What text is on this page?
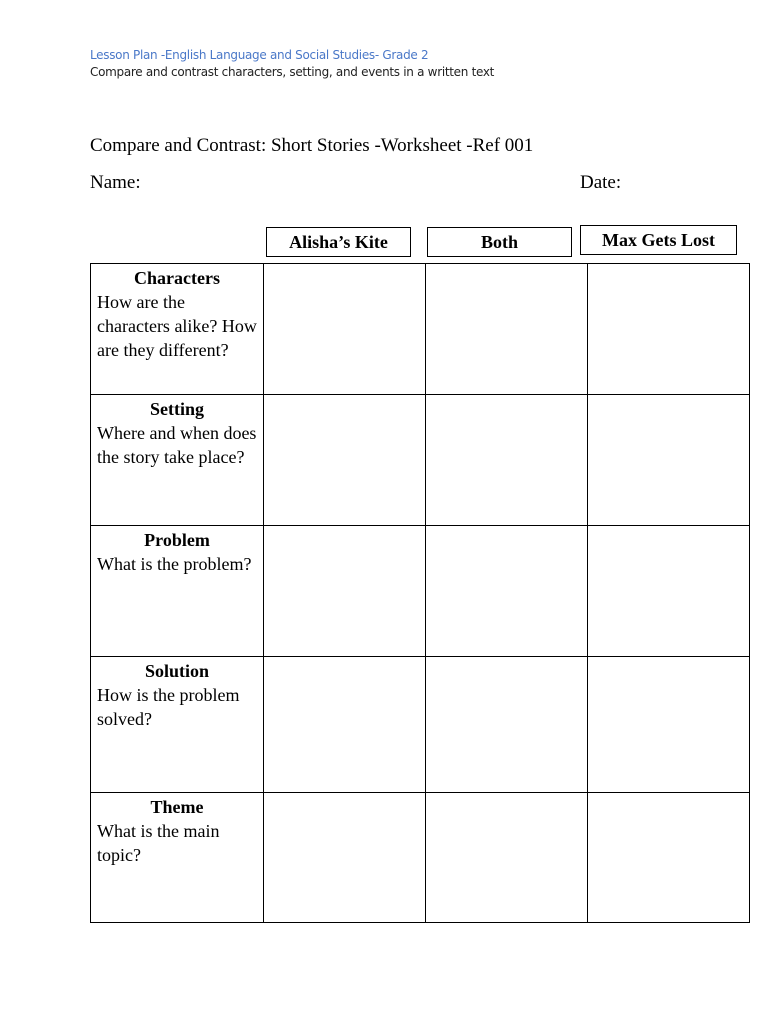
Lesson Plan -English Language and Social Studies- Grade 2
Compare and contrast characters, setting, and events in a written text
Compare and Contrast: Short Stories -Worksheet -Ref 001
Name:	Date:
Alisha’s Kite	Both	Max Gets Lost
Characters
How are the characters alike? How are they different?			

Setting
Where and when does the story take place?			

Problem
What is the problem?			

Solution
How is the problem solved?			

Theme
What is the main topic?			
